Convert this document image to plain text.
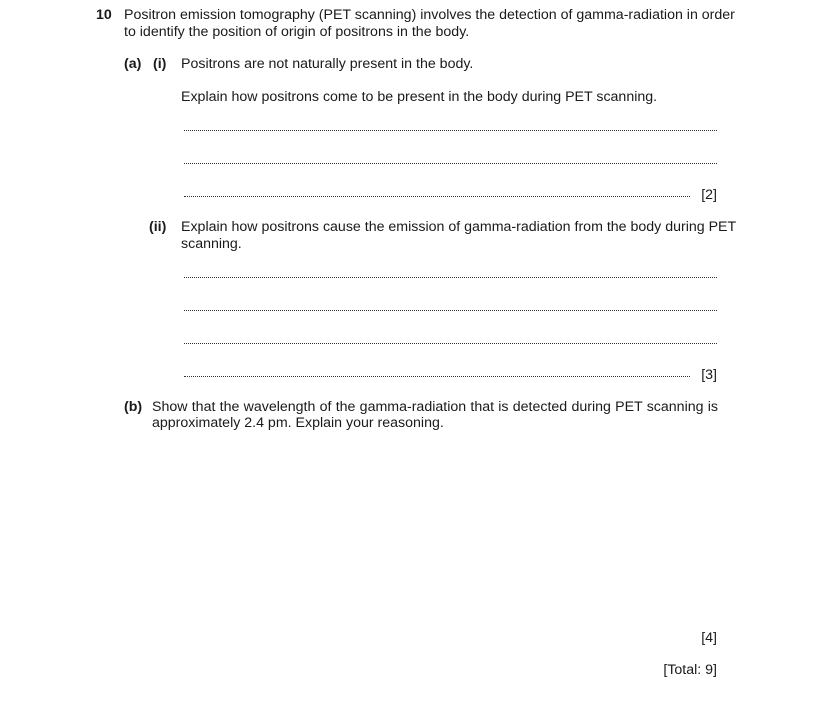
10 Positron emission tomography (PET scanning) involves the detection of gamma-radiation in order
to identify the position of origin of positrons in the body.
(a) (i) Positrons are not naturally present in the body.
Explain how positrons come to be present in the body during PET scanning.
[2]
(ii) Explain how positrons cause the emission of gamma-radiation from the body during PET
scanning.
[3]
(b) Show that the wavelength of the gamma-radiation that is detected during PET scanning is
approximately 2.4 pm. Explain your reasoning.
[4]
[Total: 9]
